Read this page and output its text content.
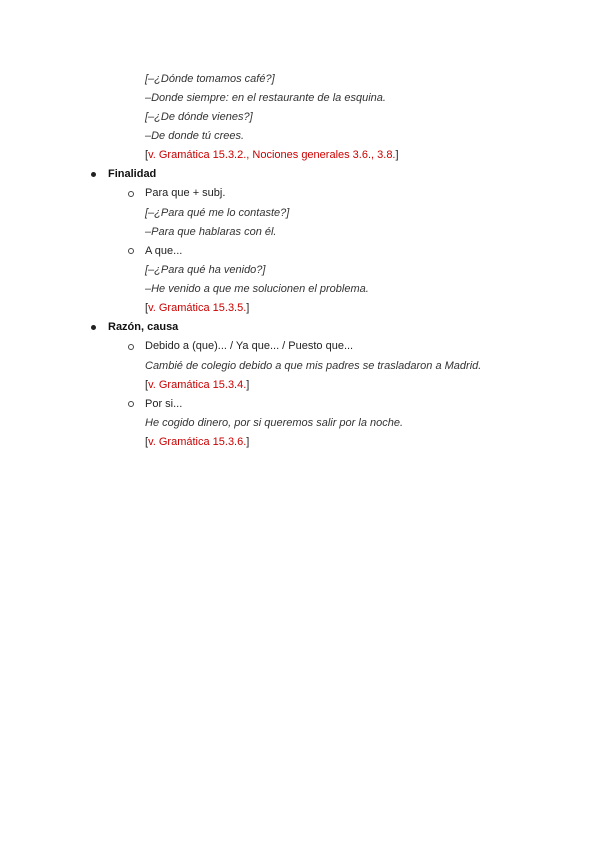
[–¿Dónde tomamos café?]
–Donde siempre: en el restaurante de la esquina.
[–¿De dónde vienes?]
–De donde tú crees.
[v. Gramática 15.3.2., Nociones generales 3.6., 3.8.]
Finalidad
Para que + subj.
[–¿Para qué me lo contaste?]
–Para que hablaras con él.
A que...
[–¿Para qué ha venido?]
–He venido a que me solucionen el problema.
[v. Gramática 15.3.5.]
Razón, causa
Debido a (que)... / Ya que... / Puesto que...
Cambié de colegio debido a que mis padres se trasladaron a Madrid.
[v. Gramática 15.3.4.]
Por si...
He cogido dinero, por si queremos salir por la noche.
[v. Gramática 15.3.6.]
